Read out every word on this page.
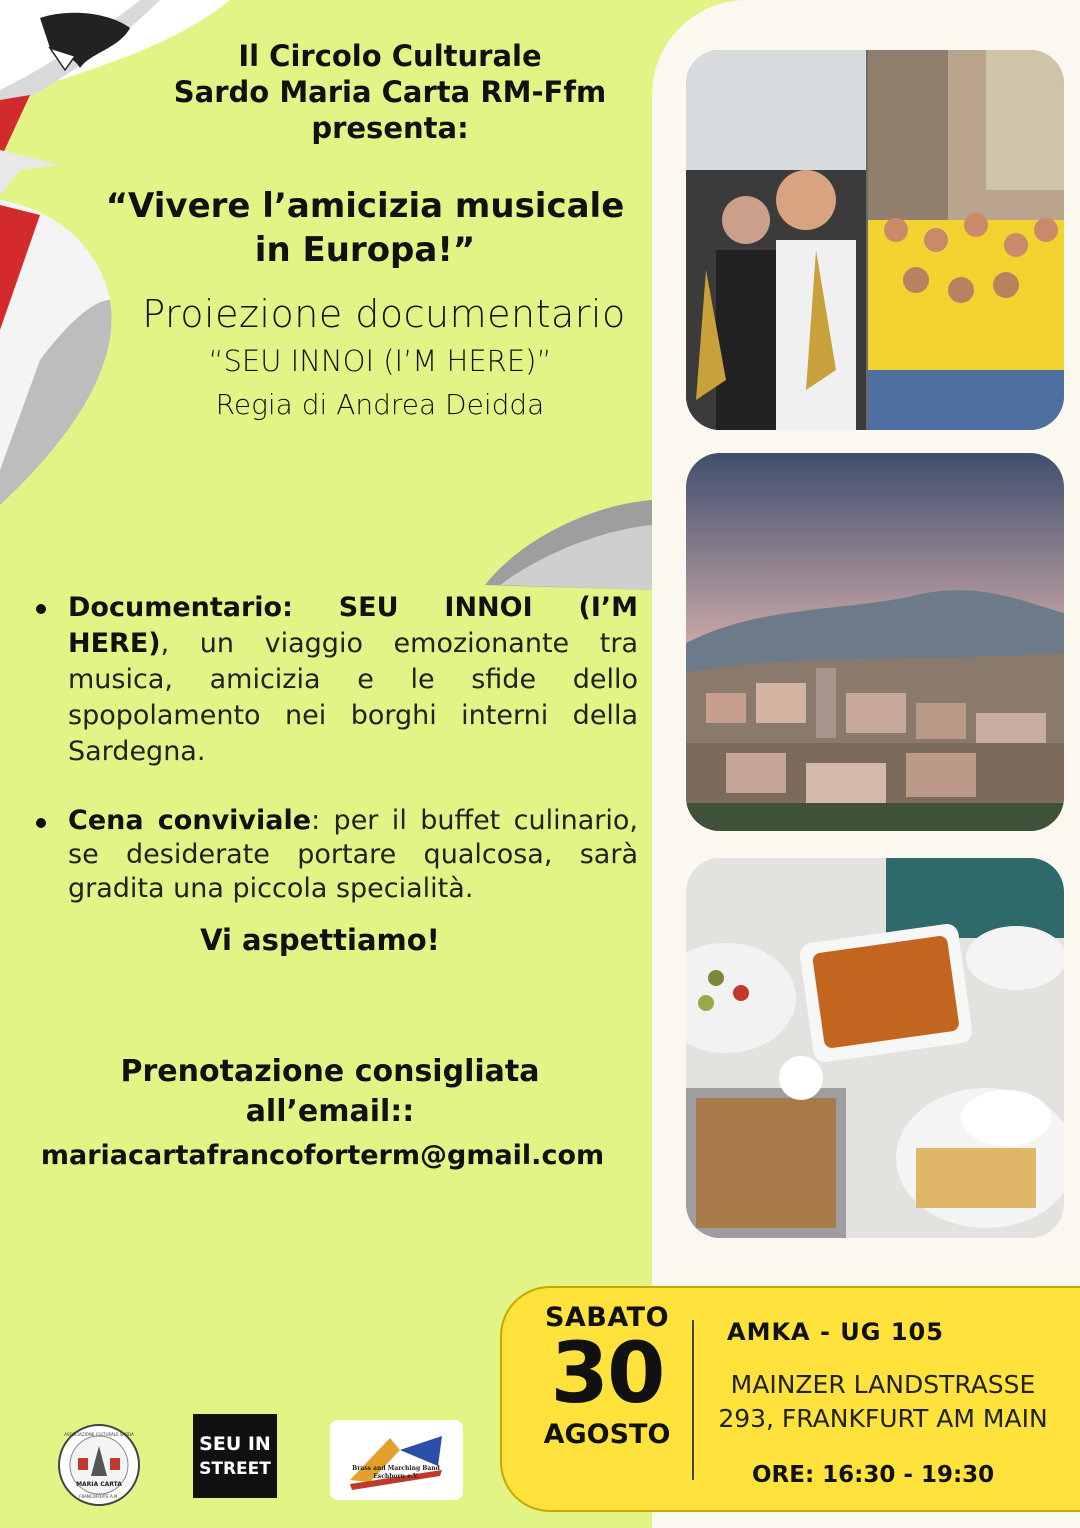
Il Circolo Culturale
Sardo Maria Carta RM-Ffm
presenta:
“Vivere l’amicizia musicale
in Europa!”
Proiezione documentario
“SEU INNOI (I’M HERE)”
Regia di Andrea Deidda
Documentario: SEU INNOI (I’M HERE), un viaggio emozionante tra musica, amicizia e le sfide dello spopolamento nei borghi interni della Sardegna.
Cena conviviale: per il buffet culinario, se desiderate portare qualcosa, sarà gradita una piccola specialità.
Vi aspettiamo!
Prenotazione consigliata
all’email::
mariacartafrancoforterm@gmail.com
SABATO
30
AGOSTO
AMKA - UG 105
MAINZER LANDSTRASSE
293, FRANKFURT AM MAIN
ORE: 16:30 - 19:30
MARIA CARTA
ASSOCIAZIONE CULTURALE SARDA
FRANCOFORTE A.M.
SEU IN
STREET	Brass and Marching Band
Eschborn e.V.
